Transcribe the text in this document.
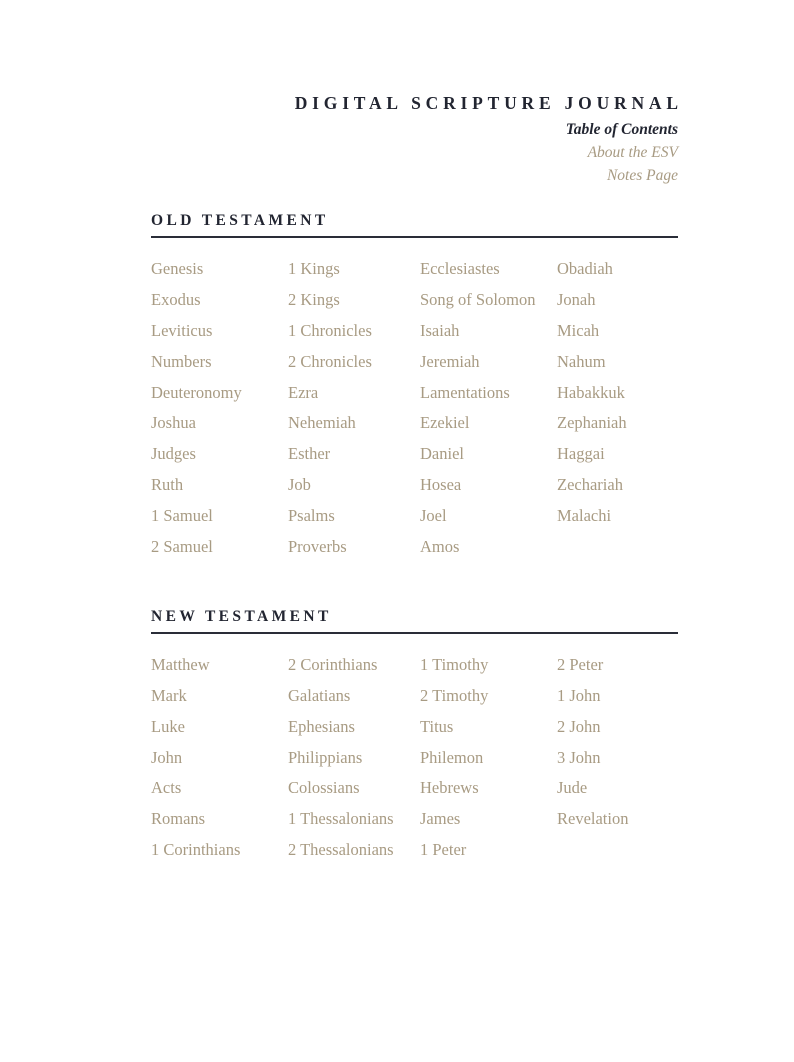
DIGITAL SCRIPTURE JOURNAL
Table of Contents
About the ESV
Notes Page
OLD TESTAMENT
Genesis
Exodus
Leviticus
Numbers
Deuteronomy
Joshua
Judges
Ruth
1 Samuel
2 Samuel
1 Kings
2 Kings
1 Chronicles
2 Chronicles
Ezra
Nehemiah
Esther
Job
Psalms
Proverbs
Ecclesiastes
Song of Solomon
Isaiah
Jeremiah
Lamentations
Ezekiel
Daniel
Hosea
Joel
Amos
Obadiah
Jonah
Micah
Nahum
Habakkuk
Zephaniah
Haggai
Zechariah
Malachi
NEW TESTAMENT
Matthew
Mark
Luke
John
Acts
Romans
1 Corinthians
2 Corinthians
Galatians
Ephesians
Philippians
Colossians
1 Thessalonians
2 Thessalonians
1 Timothy
2 Timothy
Titus
Philemon
Hebrews
James
1 Peter
2 Peter
1 John
2 John
3 John
Jude
Revelation
